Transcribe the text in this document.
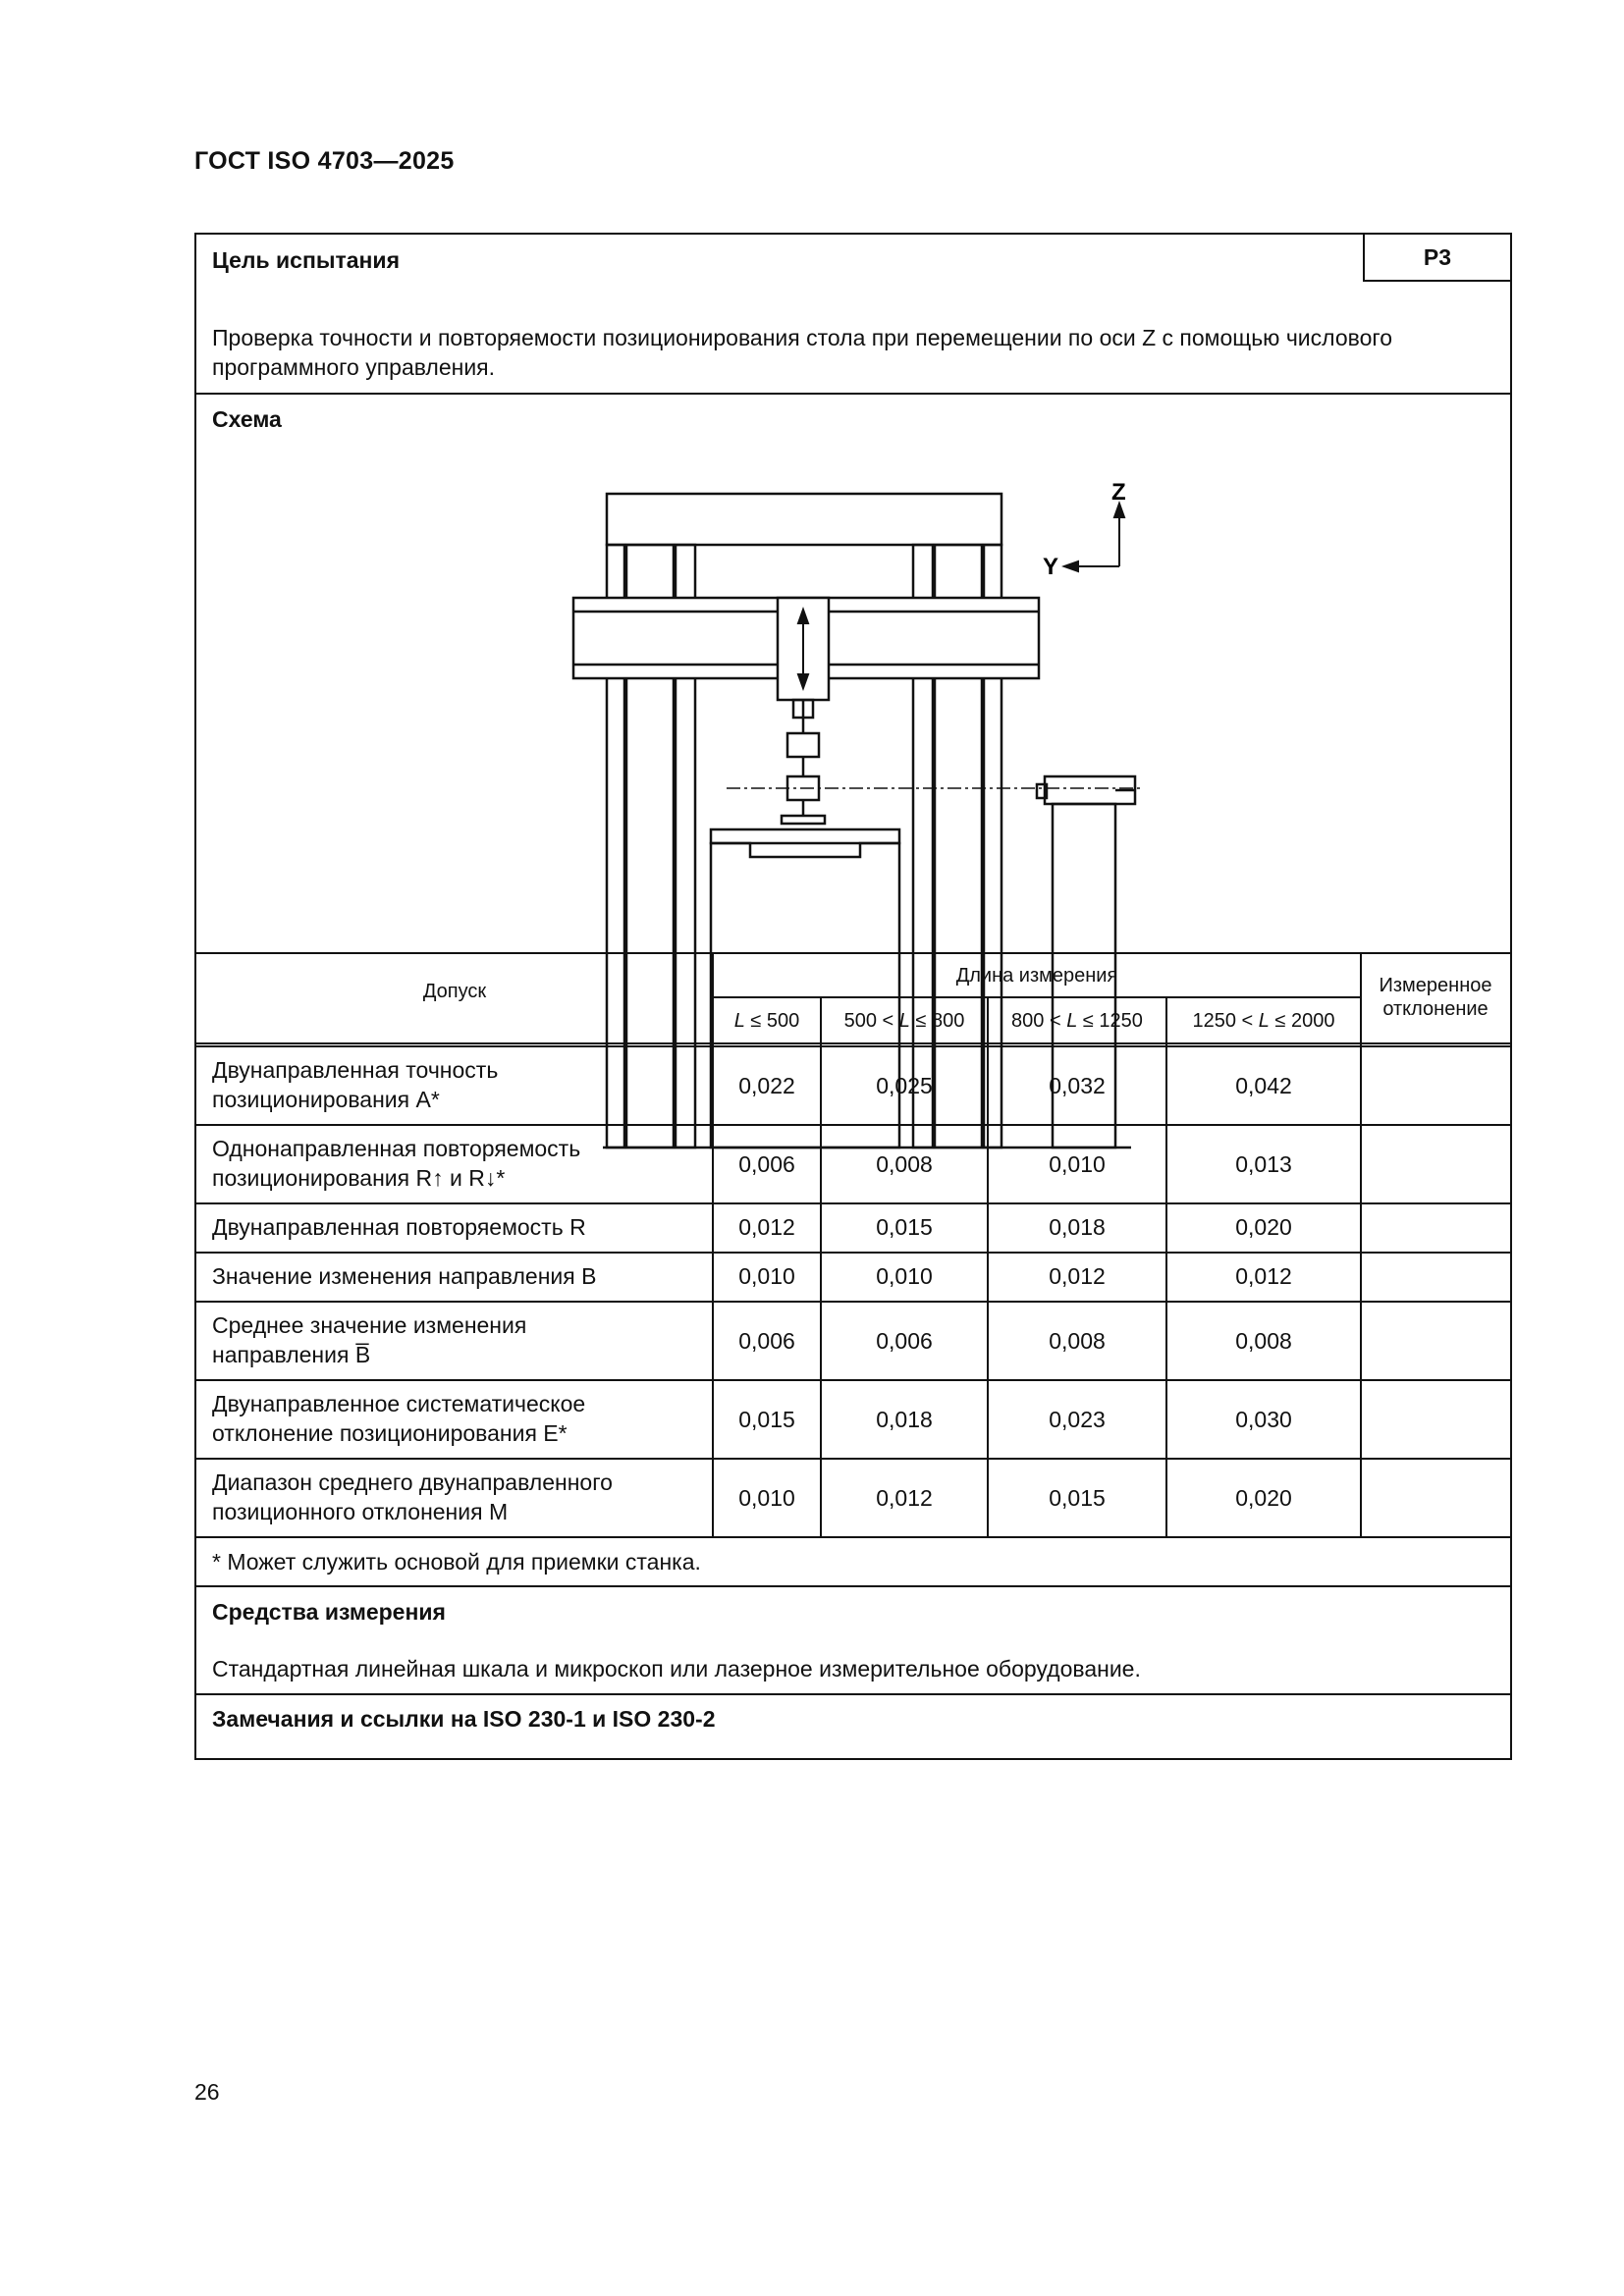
ГОСТ ISO 4703—2025
Цель испытания	P3
Проверка точности и повторяемости позиционирования стола при перемещении по оси Z с помощью числового
программного управления.
Схема
Z
Y
Допуск
Длина измерения	Измеренное
отклонение
L ≤ 500	500 < L ≤ 800	800 < L ≤ 1250	1250 < L ≤ 2000
Двунаправленная точность
позиционирования A*
0,022	0,025	0,032	0,042
Однонаправленная повторяемость
позиционирования R↑ и R↓*
0,006	0,008	0,010	0,013
Двунаправленная повторяемость R	0,012	0,015	0,018	0,020
Значение изменения направления B	0,010	0,010	0,012	0,012
Среднее значение изменения
направления B̅
0,006	0,006	0,008	0,008
Двунаправленное систематическое
отклонение позиционирования E*
0,015	0,018	0,023	0,030
Диапазон среднего двунаправленного
позиционного отклонения M
0,010	0,012	0,015	0,020
* Может служить основой для приемки станка.
Средства измерения
Стандартная линейная шкала и микроскоп или лазерное измерительное оборудование.
Замечания и ссылки на ISO 230-1 и ISO 230-2
26
